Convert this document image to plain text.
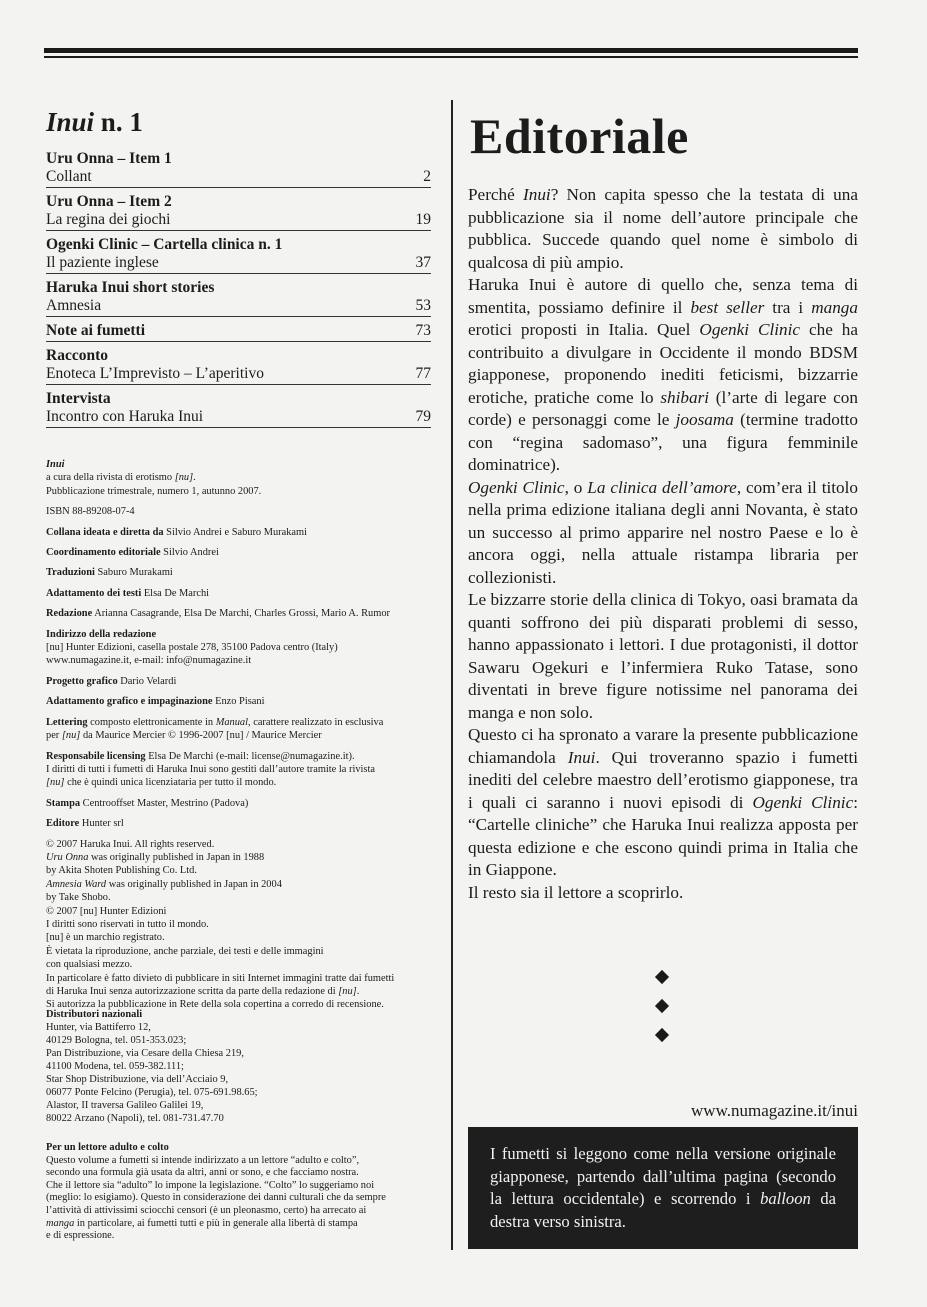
Inui n. 1
Uru Onna – Item 1
Collant	2
Uru Onna – Item 2
La regina dei giochi	19
Ogenki Clinic – Cartella clinica n. 1
Il paziente inglese	37
Haruka Inui short stories
Amnesia	53
Note ai fumetti	73
Racconto
Enoteca L’Imprevisto – L’aperitivo	77
Intervista
Incontro con Haruka Inui	79

Inui

a cura della rivista di erotismo [nu].

Pubblicazione trimestrale, numero 1, autunno 2007.

ISBN 88-89208-07-4

Collana ideata e diretta da Silvio Andrei e Saburo Murakami

Coordinamento editoriale Silvio Andrei

Traduzioni Saburo Murakami

Adattamento dei testi Elsa De Marchi

Redazione Arianna Casagrande, Elsa De Marchi, Charles Grossi, Mario A. Rumor

Indirizzo della redazione

[nu] Hunter Edizioni, casella postale 278, 35100 Padova centro (Italy)

www.numagazine.it, e-mail: info@numagazine.it

Progetto grafico Dario Velardi

Adattamento grafico e impaginazione Enzo Pisani

Lettering composto elettronicamente in Manual, carattere realizzato in esclusiva

per [nu] da Maurice Mercier © 1996-2007 [nu] / Maurice Mercier

Responsabile licensing Elsa De Marchi (e-mail: license@numagazine.it).

I diritti di tutti i fumetti di Haruka Inui sono gestiti dall’autore tramite la rivista

[nu] che è quindi unica licenziataria per tutto il mondo.

Stampa Centrooffset Master, Mestrino (Padova)

Editore Hunter srl

© 2007 Haruka Inui. All rights reserved.

Uru Onna was originally published in Japan in 1988

by Akita Shoten Publishing Co. Ltd.

Amnesia Ward was originally published in Japan in 2004

by Take Shobo.

© 2007 [nu] Hunter Edizioni

I diritti sono riservati in tutto il mondo.

[nu] è un marchio registrato.

È vietata la riproduzione, anche parziale, dei testi e delle immagini

con qualsiasi mezzo.

In particolare è fatto divieto di pubblicare in siti Internet immagini tratte dai fumetti

di Haruka Inui senza autorizzazione scritta da parte della redazione di [nu].

Si autorizza la pubblicazione in Rete della sola copertina a corredo di recensione.

Distributori nazionali

Hunter, via Battiferro 12,

40129 Bologna, tel. 051-353.023;

Pan Distribuzione, via Cesare della Chiesa 219,

41100 Modena, tel. 059-382.111;

Star Shop Distribuzione, via dell’Acciaio 9,

06077 Ponte Felcino (Perugia), tel. 075-691.98.65;

Alastor, II traversa Galileo Galilei 19,

80022 Arzano (Napoli), tel. 081-731.47.70

Per un lettore adulto e colto

Questo volume a fumetti si intende indirizzato a un lettore “adulto e colto”,

secondo una formula già usata da altri, anni or sono, e che facciamo nostra.

Che il lettore sia “adulto” lo impone la legislazione. “Colto” lo suggeriamo noi

(meglio: lo esigiamo). Questo in considerazione dei danni culturali che da sempre

l’attività di attivissimi sciocchi censori (è un pleonasmo, certo) ha arrecato ai

manga in particolare, ai fumetti tutti e più in generale alla libertà di stampa

e di espressione.

Editoriale

Perché Inui? Non capita spesso che la testata di una pubblicazione sia il nome dell’autore principale che pubblica. Succede quando quel nome è simbolo di qualcosa di più ampio.

Haruka Inui è autore di quello che, senza tema di smentita, possiamo definire il best seller tra i manga erotici proposti in Italia. Quel Ogenki Clinic che ha contribuito a divulgare in Occidente il mondo BDSM giapponese, proponendo inediti feticismi, bizzarrie erotiche, pratiche come lo shibari (l’arte di legare con corde) e personaggi come le joosama (termine tradotto con “regina sadomaso”, una figura femminile dominatrice).

Ogenki Clinic, o La clinica dell’amore, com’era il titolo nella prima edizione italiana degli anni Novanta, è stato un successo al primo apparire nel nostro Paese e lo è ancora oggi, nella attuale ristampa libraria per collezionisti.

Le bizzarre storie della clinica di Tokyo, oasi bramata da quanti soffrono dei più disparati problemi di sesso, hanno appassionato i lettori. I due protagonisti, il dottor Sawaru Ogekuri e l’infermiera Ruko Tatase, sono diventati in breve figure notissime nel panorama dei manga e non solo.

Questo ci ha spronato a varare la presente pubblicazione chiamandola Inui. Qui troveranno spazio i fumetti inediti del celebre maestro dell’erotismo giapponese, tra i quali ci saranno i nuovi episodi di Ogenki Clinic: “Cartelle cliniche” che Haruka Inui realizza apposta per questa edizione e che escono quindi prima in Italia che in Giappone.

Il resto sia il lettore a scoprirlo.

www.numagazine.it/inui
I fumetti si leggono come nella versione originale giapponese, partendo dall’ultima pagina (secondo la lettura occidentale) e scorrendo i balloon da destra verso sinistra.
